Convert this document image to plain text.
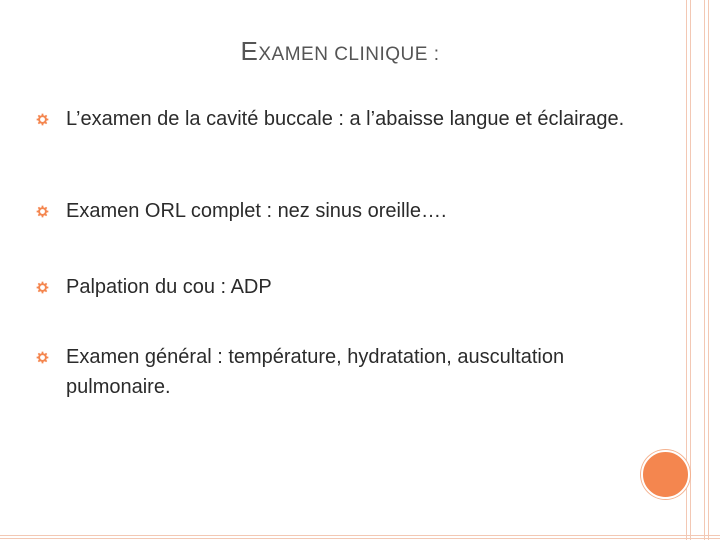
EXAMEN CLINIQUE :
L’examen de la cavité buccale : a l’abaisse langue et éclairage.
Examen ORL complet : nez sinus oreille….
Palpation du cou : ADP
Examen général : température, hydratation, auscultation pulmonaire.
